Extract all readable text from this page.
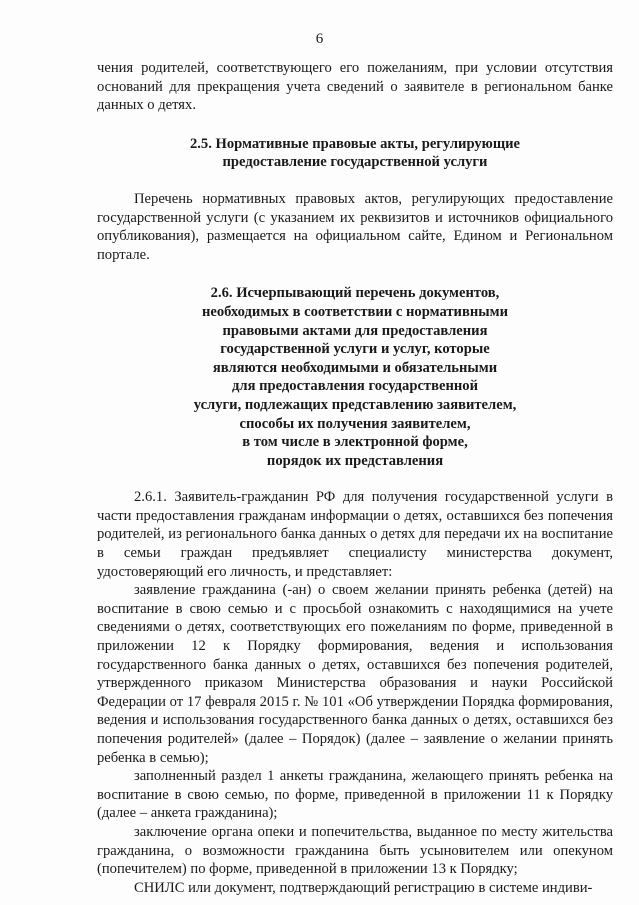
6

чения родителей, соответствующего его пожеланиям, при условии отсутствия оснований для прекращения учета сведений о заявителе в региональном банке данных о детях.

2.5. Нормативные правовые акты, регулирующие
предоставление государственной услуги

Перечень нормативных правовых актов, регулирующих предоставление государственной услуги (с указанием их реквизитов и источников официального опубликования), размещается на официальном сайте, Едином и Региональном портале.

2.6. Исчерпывающий перечень документов,
необходимых в соответствии с нормативными
правовыми актами для предоставления
государственной услуги и услуг, которые
являются необходимыми и обязательными
для предоставления государственной
услуги, подлежащих представлению заявителем,
способы их получения заявителем,
в том числе в электронной форме,
порядок их представления

2.6.1. Заявитель-гражданин РФ для получения государственной услуги в части предоставления гражданам информации о детях, оставшихся без попечения родителей, из регионального банка данных о детях для передачи их на воспитание в семьи граждан предъявляет специалисту министерства документ, удостоверяющий его личность, и представляет:

заявление гражданина (-ан) о своем желании принять ребенка (детей) на воспитание в свою семью и с просьбой ознакомить с находящимися на учете сведениями о детях, соответствующих его пожеланиям по форме, приведенной в приложении 12 к Порядку формирования, ведения и использования государственного банка данных о детях, оставшихся без попечения родителей, утвержденного приказом Министерства образования и науки Российской Федерации от 17 февраля 2015 г. № 101 «Об утверждении Порядка формирования, ведения и использования государственного банка данных о детях, оставшихся без попечения родителей» (далее – Порядок) (далее – заявление о желании принять ребенка в семью);

заполненный раздел 1 анкеты гражданина, желающего принять ребенка на воспитание в свою семью, по форме, приведенной в приложении 11 к Порядку (далее – анкета гражданина);

заключение органа опеки и попечительства, выданное по месту жительства гражданина, о возможности гражданина быть усыновителем или опекуном (попечителем) по форме, приведенной в приложении 13 к Порядку;

СНИЛС или документ, подтверждающий регистрацию в системе индиви-
